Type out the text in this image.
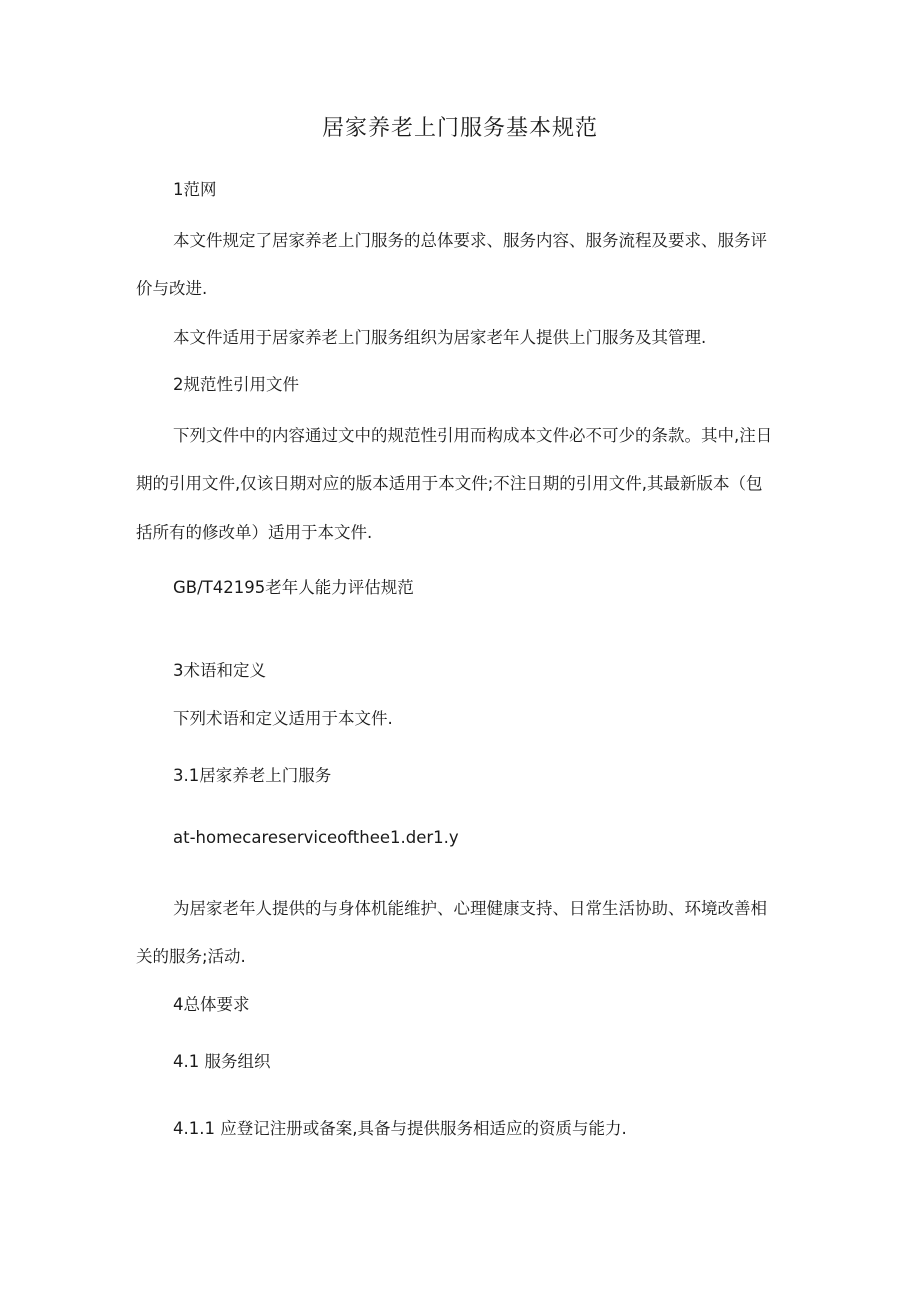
居家养老上门服务基本规范

1范网

本文件规定了居家养老上门服务的总体要求、服务内容、服务流程及要求、服务评

价与改进.

本文件适用于居家养老上门服务组织为居家老年人提供上门服务及其管理.

2规范性引用文件

下列文件中的内容通过文中的规范性引用而构成本文件必不可少的条款。其中,注日

期的引用文件,仅该日期对应的版本适用于本文件;不注日期的引用文件,其最新版本（包

括所有的修改单）适用于本文件.

GB/T42195老年人能力评估规范

3术语和定义

下列术语和定义适用于本文件.

3.1居家养老上门服务

at-homecareserviceofthee1.der1.y

为居家老年人提供的与身体机能维护、心理健康支持、日常生活协助、环境改善相

关的服务;活动.

4总体要求

4.1 服务组织

4.1.1 应登记注册或备案,具备与提供服务相适应的资质与能力.
